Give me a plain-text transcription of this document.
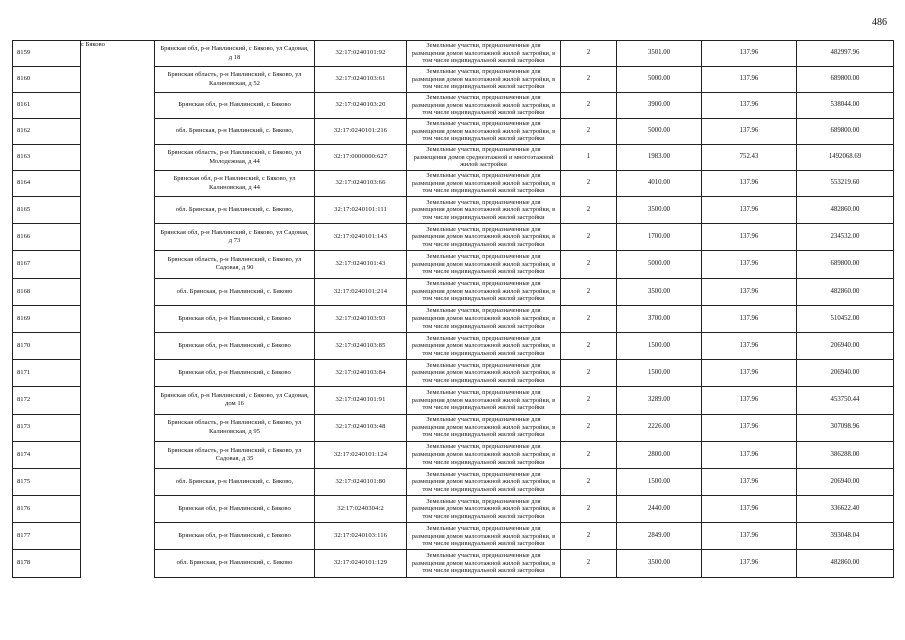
486
8159	с Бяково	Брянская обл, р-н Навлинский, с Бяково, ул Садовая, д 18	32:17:0240101:92	Земельные участки, предназначенные для размещения домов малоэтажной жилой застройки, в том числе индивидуальной жилой застройки	2	3501.00	137.96	482997.96
8160		Брянская область, р-н Навлинский, с Бяково, ул Калиновская, д 52	32:17:0240103:61	Земельные участки, предназначенные для размещения домов малоэтажной жилой застройки, в том числе индивидуальной жилой застройки	2	5000.00	137.96	689800.00
8161		Брянская обл, р-н Навлинский, с Бяково	32:17:0240103:20	Земельные участки, предназначенные для размещения домов малоэтажной жилой застройки, в том числе индивидуальной жилой застройки	2	3900.00	137.96	538044.00
8162		обл. Брянская, р-н Навлинский, с. Бяково,	32:17:0240101:216	Земельные участки, предназначенные для размещения домов малоэтажной жилой застройки, в том числе индивидуальной жилой застройки	2	5000.00	137.96	689800.00
8163		Брянская область, р-н Навлинский, с Бяково, ул Молодежная, д 44	32:17:0000000:627	Земельные участки, предназначенные для размещения домов среднеэтажной и многоэтажной жилой застройки	1	1983.00	752.43	1492068.69
8164		Брянская обл, р-н Навлинский, с Бяково, ул Калиновская, д 44	32:17:0240103:66	Земельные участки, предназначенные для размещения домов малоэтажной жилой застройки, в том числе индивидуальной жилой застройки	2	4010.00	137.96	553219.60
8165		обл. Брянская, р-н Навлинский, с. Бяково,	32:17:0240101:111	Земельные участки, предназначенные для размещения домов малоэтажной жилой застройки, в том числе индивидуальной жилой застройки	2	3500.00	137.96	482860.00
8166		Брянская обл, р-н Навлинский, с Бяково, ул Садовая, д 73	32:17:0240101:143	Земельные участки, предназначенные для размещения домов малоэтажной жилой застройки, в том числе индивидуальной жилой застройки	2	1700.00	137.96	234532.00
8167		Брянская область, р-н Навлинский, с Бяково, ул Садовая, д 90	32:17:0240101:43	Земельные участки, предназначенные для размещения домов малоэтажной жилой застройки, в том числе индивидуальной жилой застройки	2	5000.00	137.96	689800.00
8168		обл. Брянская, р-н Навлинский, с. Бяково	32:17:0240101:214	Земельные участки, предназначенные для размещения домов малоэтажной жилой застройки, в том числе индивидуальной жилой застройки	2	3500.00	137.96	482860.00
8169		Брянская обл, р-н Навлинский, с Бяково	32:17:0240103:93	Земельные участки, предназначенные для размещения домов малоэтажной жилой застройки, в том числе индивидуальной жилой застройки	2	3700.00	137.96	510452.00
8170		Брянская обл, р-н Навлинский, с Бяково	32:17:0240103:85	Земельные участки, предназначенные для размещения домов малоэтажной жилой застройки, в том числе индивидуальной жилой застройки	2	1500.00	137.96	206940.00
8171		Брянская обл, р-н Навлинский, с Бяково	32:17:0240103:84	Земельные участки, предназначенные для размещения домов малоэтажной жилой застройки, в том числе индивидуальной жилой застройки	2	1500.00	137.96	206940.00
8172		Брянская обл, р-н Навлинский, с Бяково, ул Садовая, дом 16	32:17:0240101:91	Земельные участки, предназначенные для размещения домов малоэтажной жилой застройки, в том числе индивидуальной жилой застройки	2	3289.00	137.96	453750.44
8173		Брянская область, р-н Навлинский, с Бяково, ул Калиновская, д 95	32:17:0240103:48	Земельные участки, предназначенные для размещения домов малоэтажной жилой застройки, в том числе индивидуальной жилой застройки	2	2226.00	137.96	307098.96
8174		Брянская область, р-н Навлинский, с Бяково, ул Садовая, д 35	32:17:0240101:124	Земельные участки, предназначенные для размещения домов малоэтажной жилой застройки, в том числе индивидуальной жилой застройки	2	2800.00	137.96	386288.00
8175		обл. Брянская, р-н Навлинский, с. Бяково,	32:17:0240101:80	Земельные участки, предназначенные для размещения домов малоэтажной жилой застройки, в том числе индивидуальной жилой застройки	2	1500.00	137.96	206940.00
8176		Брянская обл, р-н Навлинский, с Бяково	32:17:0240304:2	Земельные участки, предназначенные для размещения домов малоэтажной жилой застройки, в том числе индивидуальной жилой застройки	2	2440.00	137.96	336622.40
8177		Брянская обл, р-н Навлинский, с Бяково	32:17:0240103:116	Земельные участки, предназначенные для размещения домов малоэтажной жилой застройки, в том числе индивидуальной жилой застройки	2	2849.00	137.96	393048.04
8178		обл. Брянская, р-н Навлинский, с. Бяково	32:17:0240101:129	Земельные участки, предназначенные для размещения домов малоэтажной жилой застройки, в том числе индивидуальной жилой застройки	2	3500.00	137.96	482860.00
